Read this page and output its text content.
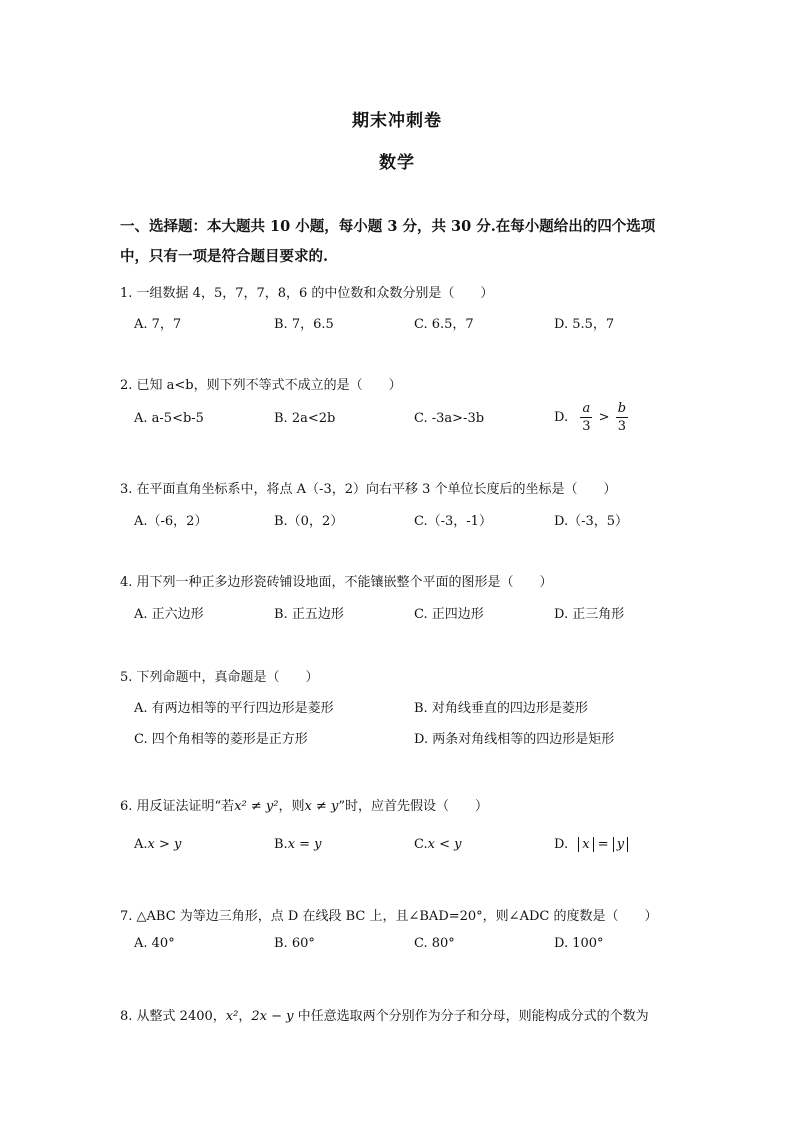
期末冲刺卷
数学
一、选择题：本大题共 10 小题，每小题 3 分，共 30 分.在每小题给出的四个选项中，只有一项是符合题目要求的.
1. 一组数据 4，5，7，7，8，6 的中位数和众数分别是（　　）
A. 7，7	B. 7，6.5	C. 6.5，7	D. 5.5，7
2. 已知 a<b，则下列不等式不成立的是（　　）
A. a-5<b-5	B. 2a<2b	C. -3a>-3b	D. $\frac{a}{3} > \frac{b}{3}$
3. 在平面直角坐标系中，将点 A（-3，2）向右平移 3 个单位长度后的坐标是（　　）
A.（-6，2）	B.（0，2）	C.（-3，-1）	D.（-3，5）
4. 用下列一种正多边形瓷砖铺设地面，不能镶嵌整个平面的图形是（　　）
A. 正六边形	B. 正五边形	C. 正四边形	D. 正三角形
5. 下列命题中，真命题是（　　）
A. 有两边相等的平行四边形是菱形	B. 对角线垂直的四边形是菱形
C. 四个角相等的菱形是正方形	D. 两条对角线相等的四边形是矩形
6. 用反证法证明“若x² ≠ y²，则x ≠ y”时，应首先假设（　　）
A.x > y	B.x = y	C.x < y	D. x = y
7. △ABC 为等边三角形，点 D 在线段 BC 上，且∠BAD=20°，则∠ADC 的度数是（　　）
A. 40°	B. 60°	C. 80°	D. 100°
8. 从整式 2400，x²，2x − y 中任意选取两个分别作为分子和分母，则能构成分式的个数为
